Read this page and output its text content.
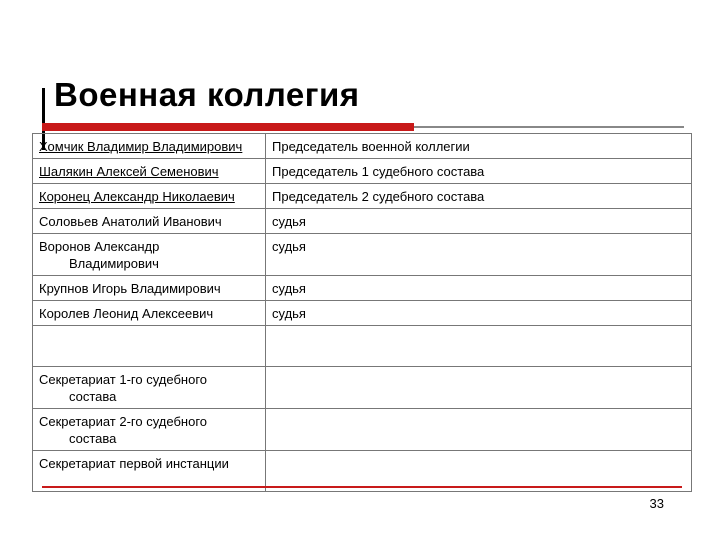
Военная коллегия
Хомчик Владимир Владимирович	Председатель военной коллегии
Шалякин Алексей Семенович	Председатель 1 судебного состава
Коронец Александр Николаевич	Председатель 2 судебного состава
Соловьев Анатолий Иванович	судья
Воронов Александр
Владимирович	судья
Крупнов Игорь Владимирович	судья
Королев Леонид Алексеевич	судья

Секретариат 1-го судебного
состава	

Секретариат 2-го судебного
состава	

Секретариат первой инстанции	
33
